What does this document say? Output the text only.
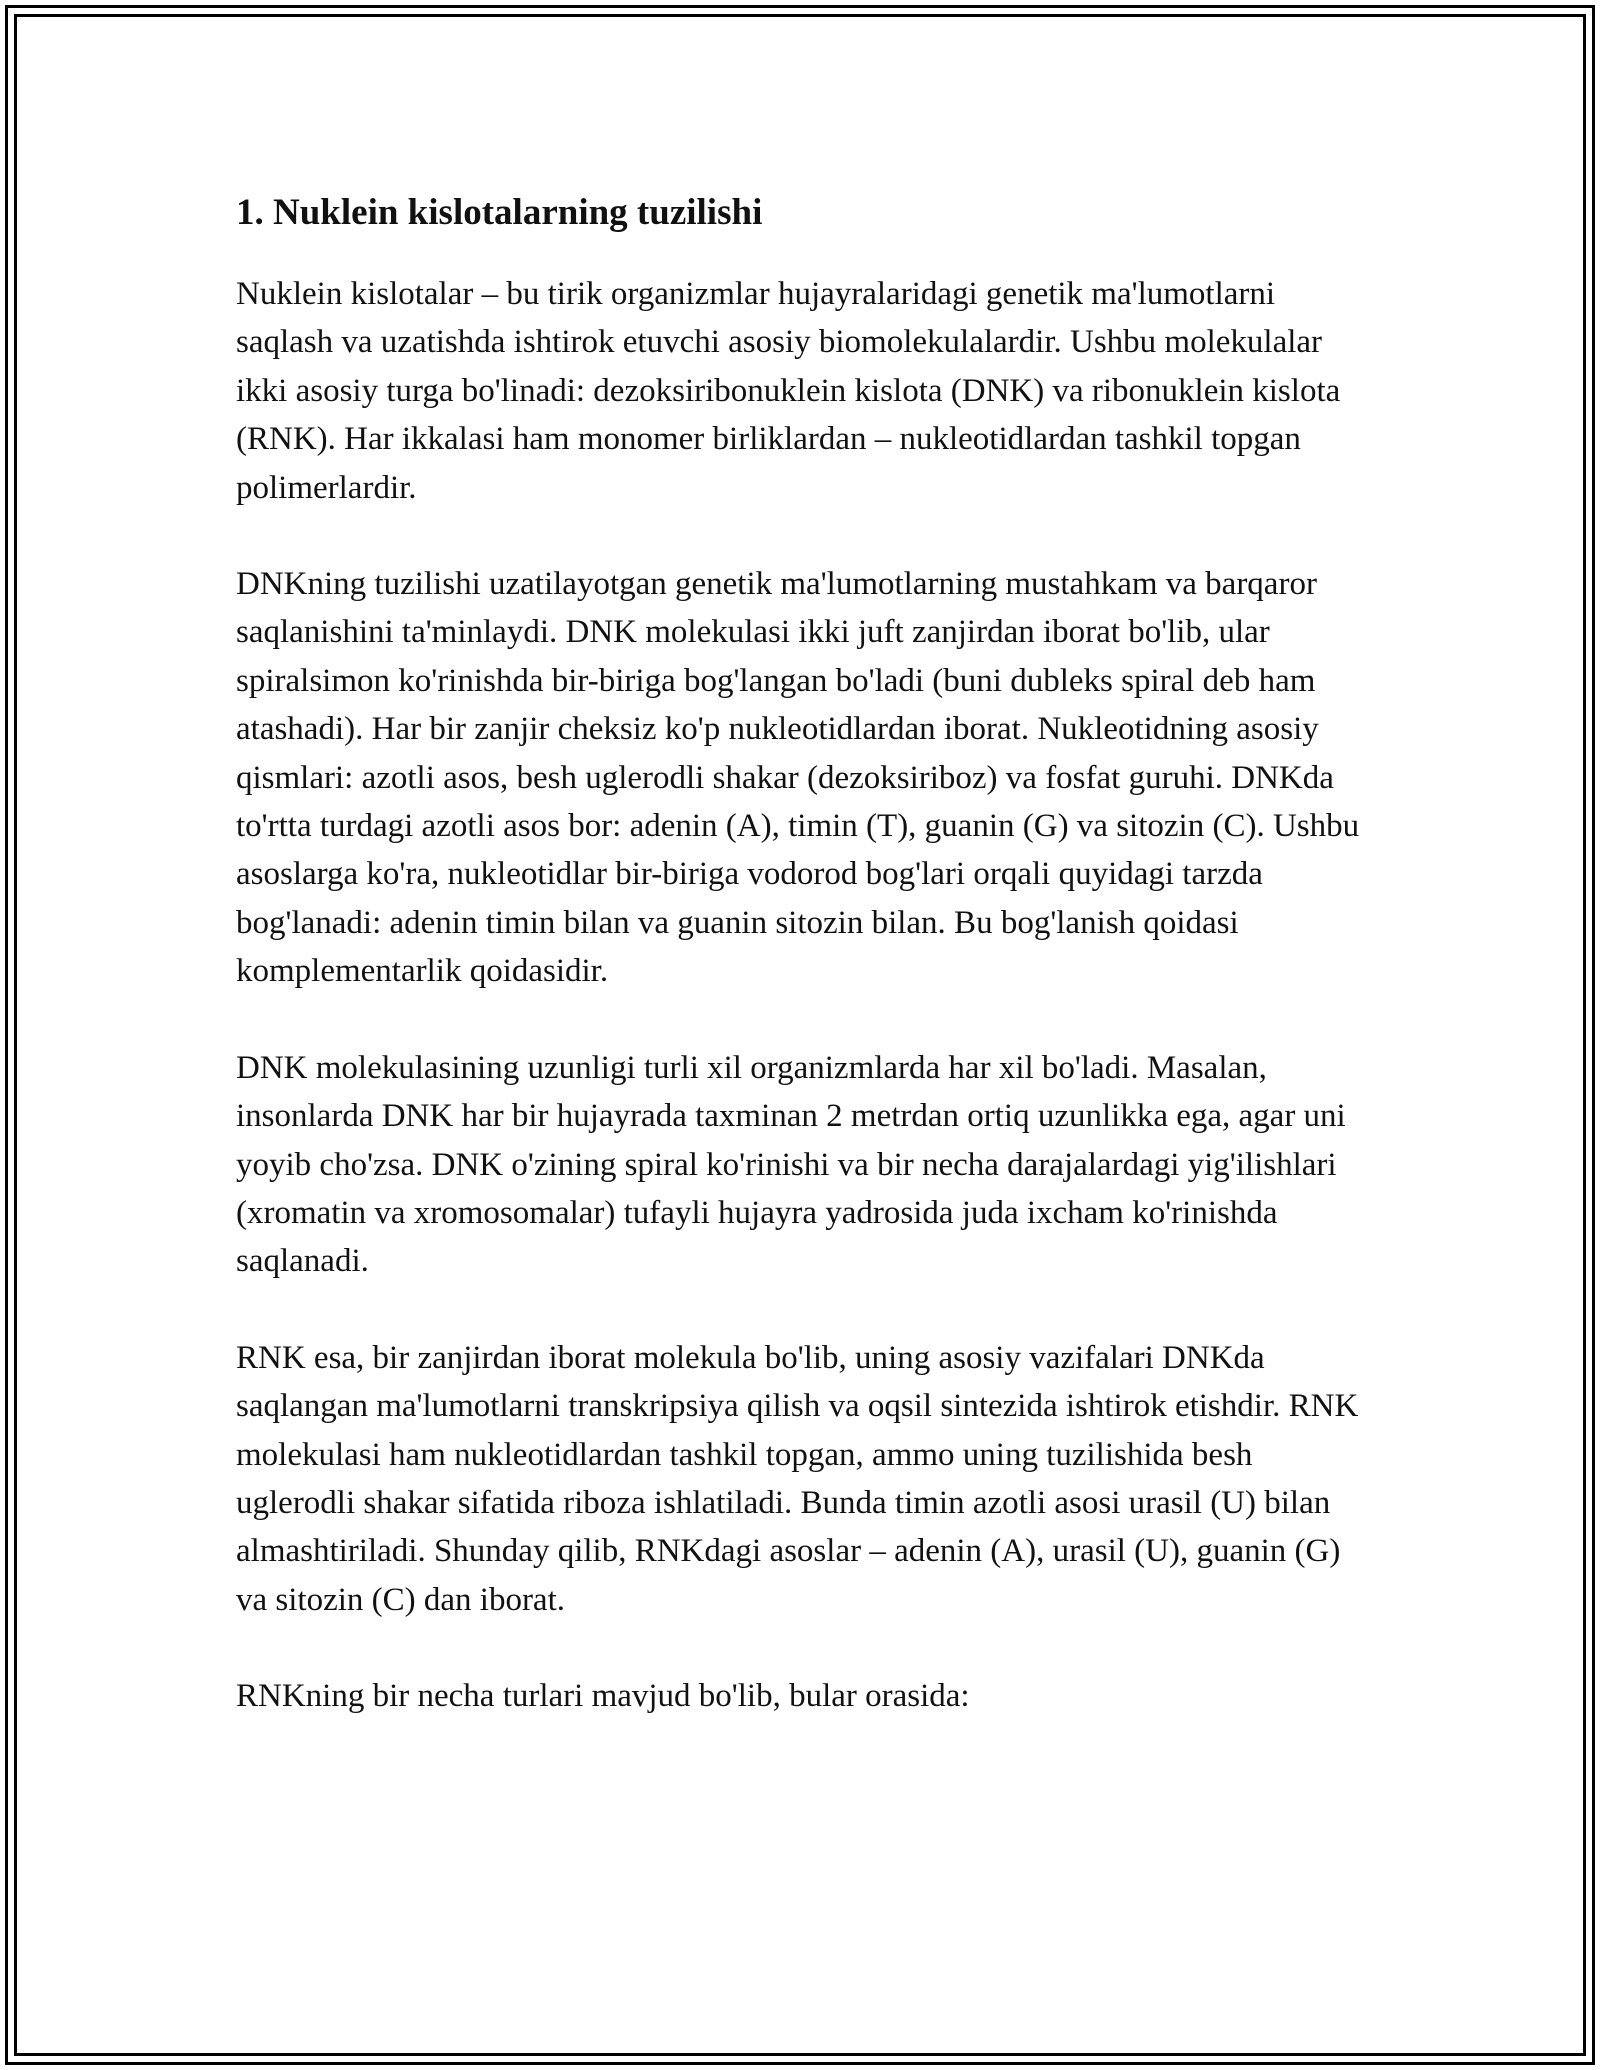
1. Nuklein kislotalarning tuzilishi

Nuklein kislotalar – bu tirik organizmlar hujayralaridagi genetik ma'lumotlarni saqlash va uzatishda ishtirok etuvchi asosiy biomolekulalardir. Ushbu molekulalar ikki asosiy turga bo'linadi: dezoksiribonuklein kislota (DNK) va ribonuklein kislota (RNK). Har ikkalasi ham monomer birliklardan – nukleotidlardan tashkil topgan polimerlardir.

DNKning tuzilishi uzatilayotgan genetik ma'lumotlarning mustahkam va barqaror saqlanishini ta'minlaydi. DNK molekulasi ikki juft zanjirdan iborat bo'lib, ular spiralsimon ko'rinishda bir-biriga bog'langan bo'ladi (buni dubleks spiral deb ham atashadi). Har bir zanjir cheksiz ko'p nukleotidlardan iborat. Nukleotidning asosiy qismlari: azotli asos, besh uglerodli shakar (dezoksiriboz) va fosfat guruhi. DNKda to'rtta turdagi azotli asos bor: adenin (A), timin (T), guanin (G) va sitozin (C). Ushbu asoslarga ko'ra, nukleotidlar bir-biriga vodorod bog'lari orqali quyidagi tarzda bog'lanadi: adenin timin bilan va guanin sitozin bilan. Bu bog'lanish qoidasi komplementarlik qoidasidir.

DNK molekulasining uzunligi turli xil organizmlarda har xil bo'ladi. Masalan, insonlarda DNK har bir hujayrada taxminan 2 metrdan ortiq uzunlikka ega, agar uni yoyib cho'zsa. DNK o'zining spiral ko'rinishi va bir necha darajalardagi yig'ilishlari (xromatin va xromosomalar) tufayli hujayra yadrosida juda ixcham ko'rinishda saqlanadi.

RNK esa, bir zanjirdan iborat molekula bo'lib, uning asosiy vazifalari DNKda saqlangan ma'lumotlarni transkripsiya qilish va oqsil sintezida ishtirok etishdir. RNK molekulasi ham nukleotidlardan tashkil topgan, ammo uning tuzilishida besh uglerodli shakar sifatida riboza ishlatiladi. Bunda timin azotli asosi urasil (U) bilan almashtiriladi. Shunday qilib, RNKdagi asoslar – adenin (A), urasil (U), guanin (G) va sitozin (C) dan iborat.

RNKning bir necha turlari mavjud bo'lib, bular orasida:
